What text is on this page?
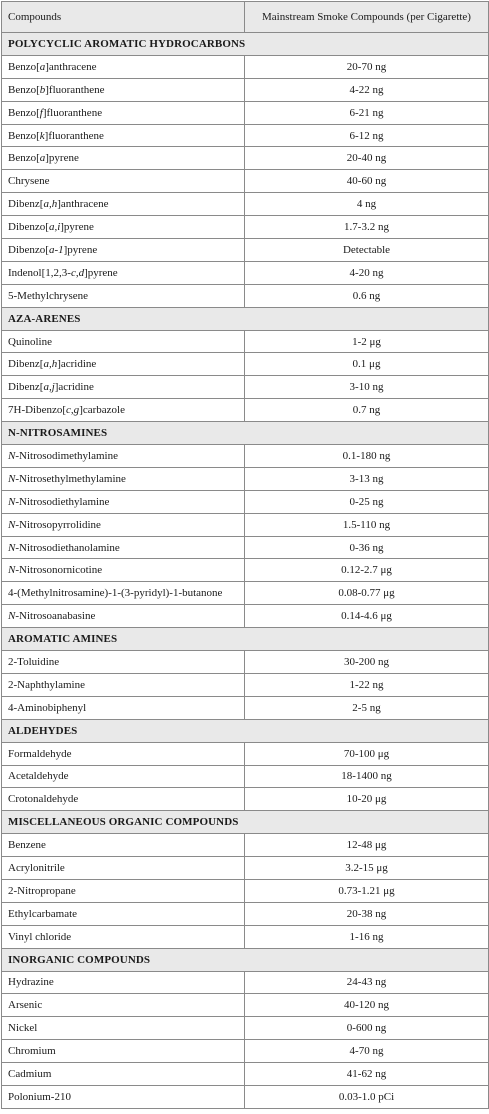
Compounds	Mainstream Smoke Compounds (per Cigarette)
POLYCYCLIC AROMATIC HYDROCARBONS	
Benzo[a]anthracene	20-70 ng
Benzo[b]fluoranthene	4-22 ng
Benzo[f]fluoranthene	6-21 ng
Benzo[k]fluoranthene	6-12 ng
Benzo[a]pyrene	20-40 ng
Chrysene	40-60 ng
Dibenz[a,h]anthracene	4 ng
Dibenzo[a,i]pyrene	1.7-3.2 ng
Dibenzo[a-1]pyrene	Detectable
Indenol[1,2,3-c,d]pyrene	4-20 ng
5-Methylchrysene	0.6 ng
AZA-ARENES	
Quinoline	1-2 μg
Dibenz[a,h]acridine	0.1 μg
Dibenz[a,j]acridine	3-10 ng
7H-Dibenzo[c,g]carbazole	0.7 ng
N-NITROSAMINES	
N-Nitrosodimethylamine	0.1-180 ng
N-Nitrosethylmethylamine	3-13 ng
N-Nitrosodiethylamine	0-25 ng
N-Nitrosopyrrolidine	1.5-110 ng
N-Nitrosodiethanolamine	0-36 ng
N-Nitrosonornicotine	0.12-2.7 μg
4-(Methylnitrosamine)-1-(3-pyridyl)-1-butanone	0.08-0.77 μg
N-Nitrosoanabasine	0.14-4.6 μg
AROMATIC AMINES	
2-Toluidine	30-200 ng
2-Naphthylamine	1-22 ng
4-Aminobiphenyl	2-5 ng
ALDEHYDES	
Formaldehyde	70-100 μg
Acetaldehyde	18-1400 ng
Crotonaldehyde	10-20 μg
MISCELLANEOUS ORGANIC COMPOUNDS	
Benzene	12-48 μg
Acrylonitrile	3.2-15 μg
2-Nitropropane	0.73-1.21 μg
Ethylcarbamate	20-38 ng
Vinyl chloride	1-16 ng
INORGANIC COMPOUNDS	
Hydrazine	24-43 ng
Arsenic	40-120 ng
Nickel	0-600 ng
Chromium	4-70 ng
Cadmium	41-62 ng
Polonium-210	0.03-1.0 pCi
